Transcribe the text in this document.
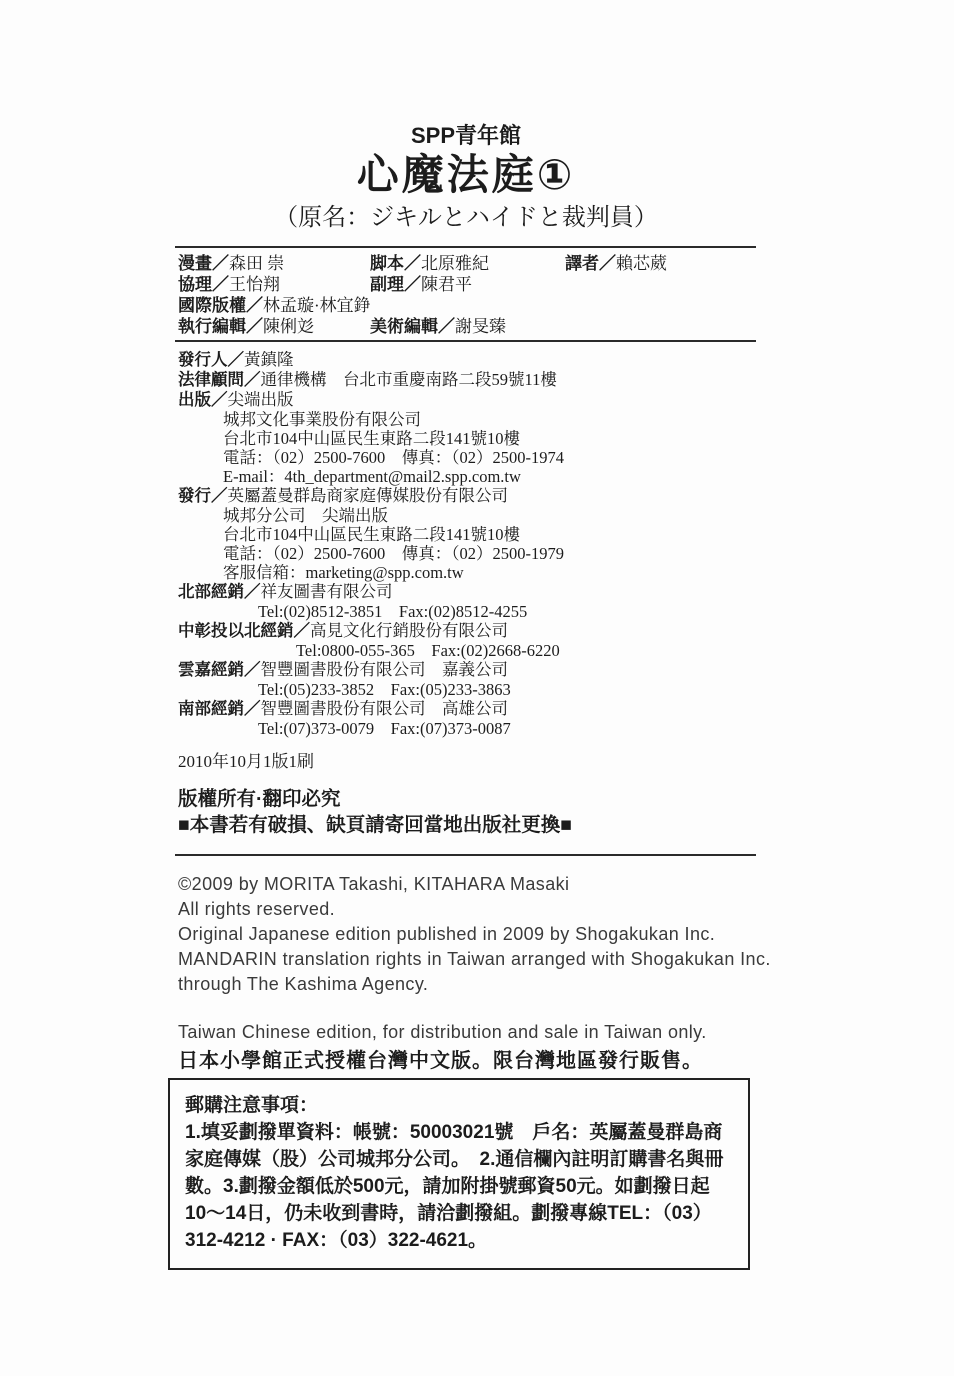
SPP青年館
心魔法庭①
（原名：ジキルとハイドと裁判員）
漫畫／森田 崇	脚本／北原雅紀	譯者／賴芯葳
協理／王怡翔	副理／陳君平
國際版權／林孟璇·林宜錚
執行編輯／陳俐彣	美術編輯／謝旻臻
發行人／黃鎮隆
法律顧問／通律機構　台北市重慶南路二段59號11樓
出版／尖端出版
城邦文化事業股份有限公司
台北市104中山區民生東路二段141號10樓
電話：（02）2500-7600　傳真：（02）2500-1974
E-mail：4th_department@mail2.spp.com.tw
發行／英屬蓋曼群島商家庭傳媒股份有限公司
城邦分公司　尖端出版
台北市104中山區民生東路二段141號10樓
電話：（02）2500-7600　傳真：（02）2500-1979
客服信箱：marketing@spp.com.tw
北部經銷／祥友圖書有限公司
Tel:(02)8512-3851　Fax:(02)8512-4255
中彰投以北經銷／高見文化行銷股份有限公司
Tel:0800-055-365　Fax:(02)2668-6220
雲嘉經銷／智豐圖書股份有限公司　嘉義公司
Tel:(05)233-3852　Fax:(05)233-3863
南部經銷／智豐圖書股份有限公司　高雄公司
Tel:(07)373-0079　Fax:(07)373-0087
2010年10月1版1刷
版權所有·翻印必究
■本書若有破損、缺頁請寄回當地出版社更換■
©2009 by MORITA Takashi, KITAHARA Masaki
All rights reserved.
Original Japanese edition published in 2009 by Shogakukan Inc.
MANDARIN translation rights in Taiwan arranged with Shogakukan Inc.
through The Kashima Agency.
Taiwan Chinese edition, for distribution and sale in Taiwan only.
日本小學館正式授權台灣中文版。限台灣地區發行販售。
郵購注意事項：
1.填妥劃撥單資料：帳號：50003021號　戶名：英屬蓋曼群島商
家庭傳媒（股）公司城邦分公司。　2.通信欄內註明訂購書名與冊
數。3.劃撥金額低於500元，請加附掛號郵資50元。如劃撥日起
10～14日，仍未收到書時，請洽劃撥組。劃撥專線TEL：（03）
312-4212 · FAX：（03）322-4621。
